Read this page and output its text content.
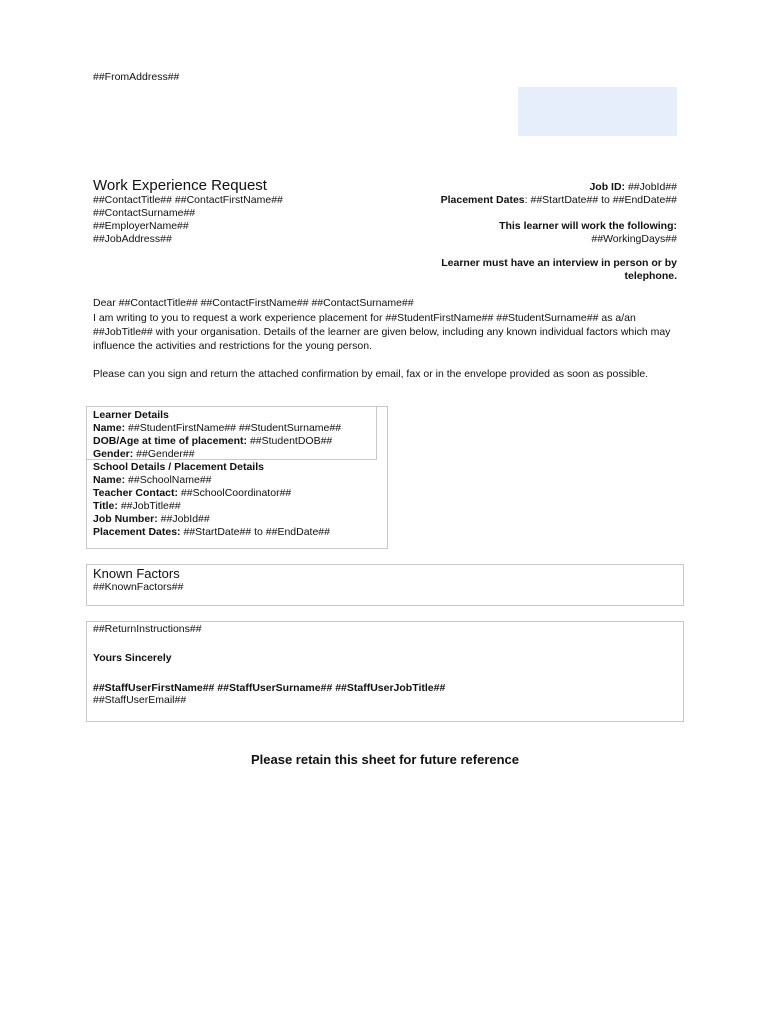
##FromAddress##
Work Experience Request
##ContactTitle## ##ContactFirstName##
##ContactSurname##
##EmployerName##
##JobAddress##
Job ID: ##JobId##
Placement Dates: ##StartDate## to ##EndDate##
This learner will work the following:
##WorkingDays##
Learner must have an interview in person or by
telephone.
Dear ##ContactTitle## ##ContactFirstName## ##ContactSurname##
I am writing to you to request a work experience placement for ##StudentFirstName## ##StudentSurname## as a/an ##JobTitle## with your organisation. Details of the learner are given below, including any known individual factors which may influence the activities and restrictions for the young person.
Please can you sign and return the attached confirmation by email, fax or in the envelope provided as soon as possible.
Learner Details
Name: ##StudentFirstName## ##StudentSurname##
DOB/Age at time of placement: ##StudentDOB##
Gender: ##Gender##
School Details / Placement Details
Name: ##SchoolName##
Teacher Contact: ##SchoolCoordinator##
Title: ##JobTitle##
Job Number: ##JobId##
Placement Dates: ##StartDate## to ##EndDate##
Known Factors
##KnownFactors##
##ReturnInstructions##
Yours Sincerely
##StaffUserFirstName## ##StaffUserSurname## ##StaffUserJobTitle##
##StaffUserEmail##
Please retain this sheet for future reference
